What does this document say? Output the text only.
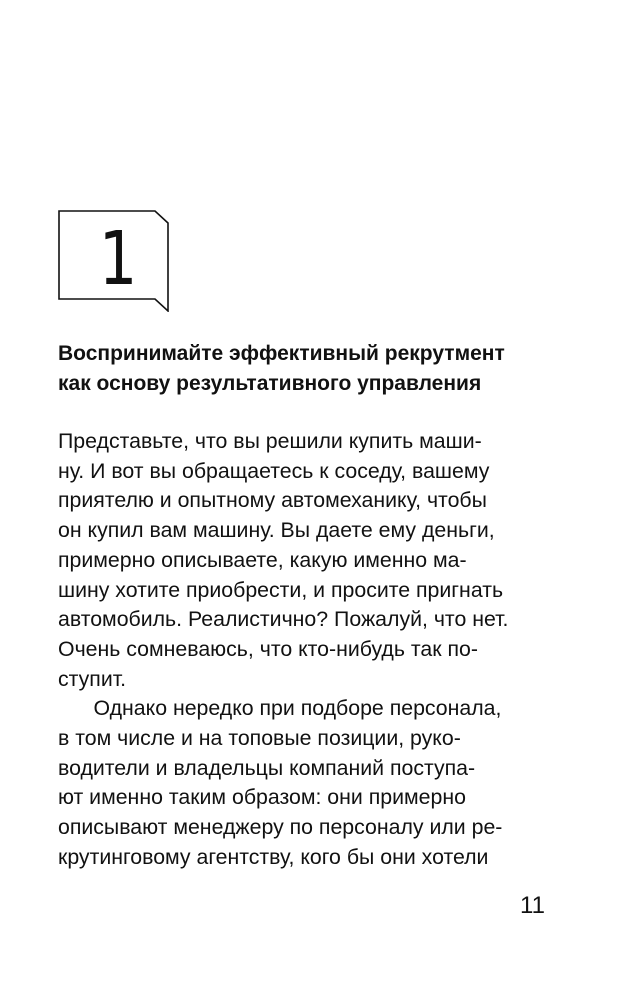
1
Воспринимайте эффективный рекрутмент
как основу результативного управления
Представьте, что вы решили купить маши-
ну. И вот вы обращаетесь к соседу, вашему
приятелю и опытному автомеханику, чтобы
он купил вам машину. Вы даете ему деньги,
примерно описываете, какую именно ма-
шину хотите приобрести, и просите пригнать
автомобиль. Реалистично? Пожалуй, что нет.
Очень сомневаюсь, что кто-нибудь так по-
ступит.
Однако нередко при подборе персонала,
в том числе и на топовые позиции, руко-
водители и владельцы компаний поступа-
ют именно таким образом: они примерно
описывают менеджеру по персоналу или ре-
крутинговому агентству, кого бы они хотели
11
